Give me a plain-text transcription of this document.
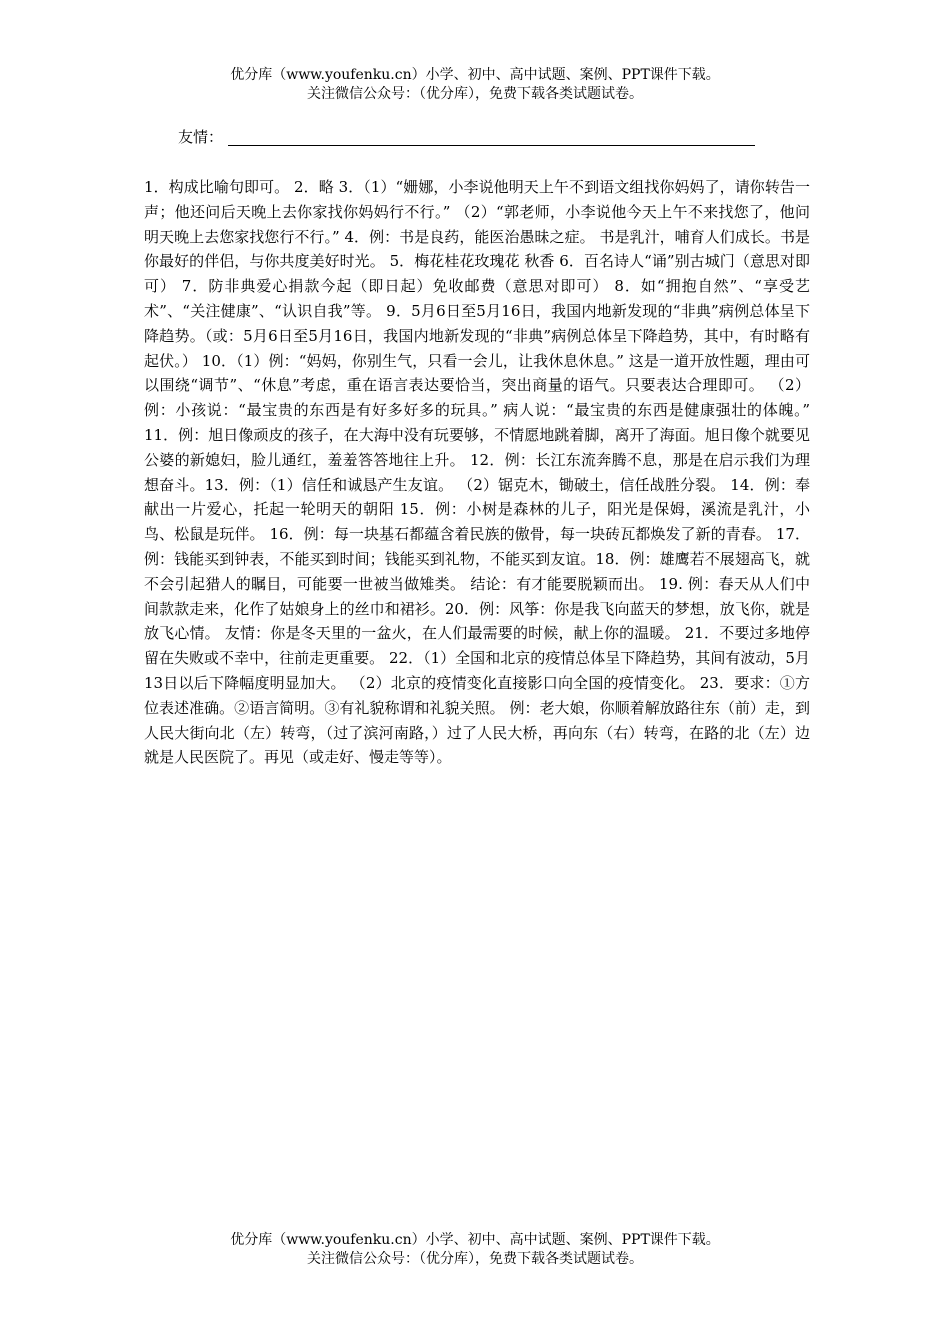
优分库（www.youfenku.cn）小学、初中、高中试题、案例、PPT课件下载。
关注微信公众号：（优分库），免费下载各类试题试卷。
友情：

1．构成比喻句即可。 2．略 3．（1）“姗娜，小李说他明天上午不到语文组找你妈妈了，请你转告一声；他还问后天晚上去你家找你妈妈行不行。” （2）“郭老师，小李说他今天上午不来找您了，他问明天晚上去您家找您行不行。” 4．例：书是良药，能医治愚昧之症。 书是乳汁，哺育人们成长。书是你最好的伴侣，与你共度美好时光。 5．梅花桂花玫瑰花 秋香 6．百名诗人“诵”别古城门（意思对即可） 7．防非典爱心捐款今起（即日起）免收邮费（意思对即可） 8．如“拥抱自然”、“享受艺术”、“关注健康”、“认识自我”等。 9．5月6日至5月16日，我国内地新发现的“非典”病例总体呈下降趋势。（或：5月6日至5月16日，我国内地新发现的“非典”病例总体呈下降趋势，其中，有时略有起伏。） 10．（1）例：“妈妈，你别生气，只看一会儿，让我休息休息。” 这是一道开放性题，理由可以围绕“调节”、“休息”考虑，重在语言表达要恰当，突出商量的语气。只要表达合理即可。 （2）例：小孩说：“最宝贵的东西是有好多好多的玩具。” 病人说：“最宝贵的东西是健康强壮的体魄。” 11．例：旭日像顽皮的孩子，在大海中没有玩要够，不情愿地跳着脚，离开了海面。旭日像个就要见公婆的新媳妇，脸儿通红，羞羞答答地往上升。 12．例：长江东流奔腾不息，那是在启示我们为理想奋斗。13．例：（1）信任和诚恳产生友谊。 （2）锯克木，锄破土，信任战胜分裂。 14．例：奉献出一片爱心，托起一轮明天的朝阳 15．例：小树是森林的儿子，阳光是保姆，溪流是乳汁，小鸟、松鼠是玩伴。 16．例：每一块基石都蕴含着民族的傲骨，每一块砖瓦都焕发了新的青春。 17．例：钱能买到钟表，不能买到时间；钱能买到礼物，不能买到友谊。18．例：雄鹰若不展翅高飞，就不会引起猎人的瞩目，可能要一世被当做雉类。 结论：有才能要脱颖而出。 19. 例：春天从人们中间款款走来，化作了姑娘身上的丝巾和裙衫。20．例：风筝：你是我飞向蓝天的梦想，放飞你，就是放飞心情。 友情：你是冬天里的一盆火，在人们最需要的时候，献上你的温暖。 21．不要过多地停留在失败或不幸中，往前走更重要。 22．（1）全国和北京的疫情总体呈下降趋势，其间有波动，5月13日以后下降幅度明显加大。 （2）北京的疫情变化直接影口向全国的疫情变化。 23．要求：①方位表述准确。②语言简明。③有礼貌称谓和礼貌关照。 例：老大娘，你顺着解放路往东（前）走，到人民大街向北（左）转弯，（过了滨河南路，）过了人民大桥，再向东（右）转弯，在路的北（左）边就是人民医院了。再见（或走好、慢走等等）。

优分库（www.youfenku.cn）小学、初中、高中试题、案例、PPT课件下载。
关注微信公众号：（优分库），免费下载各类试题试卷。
